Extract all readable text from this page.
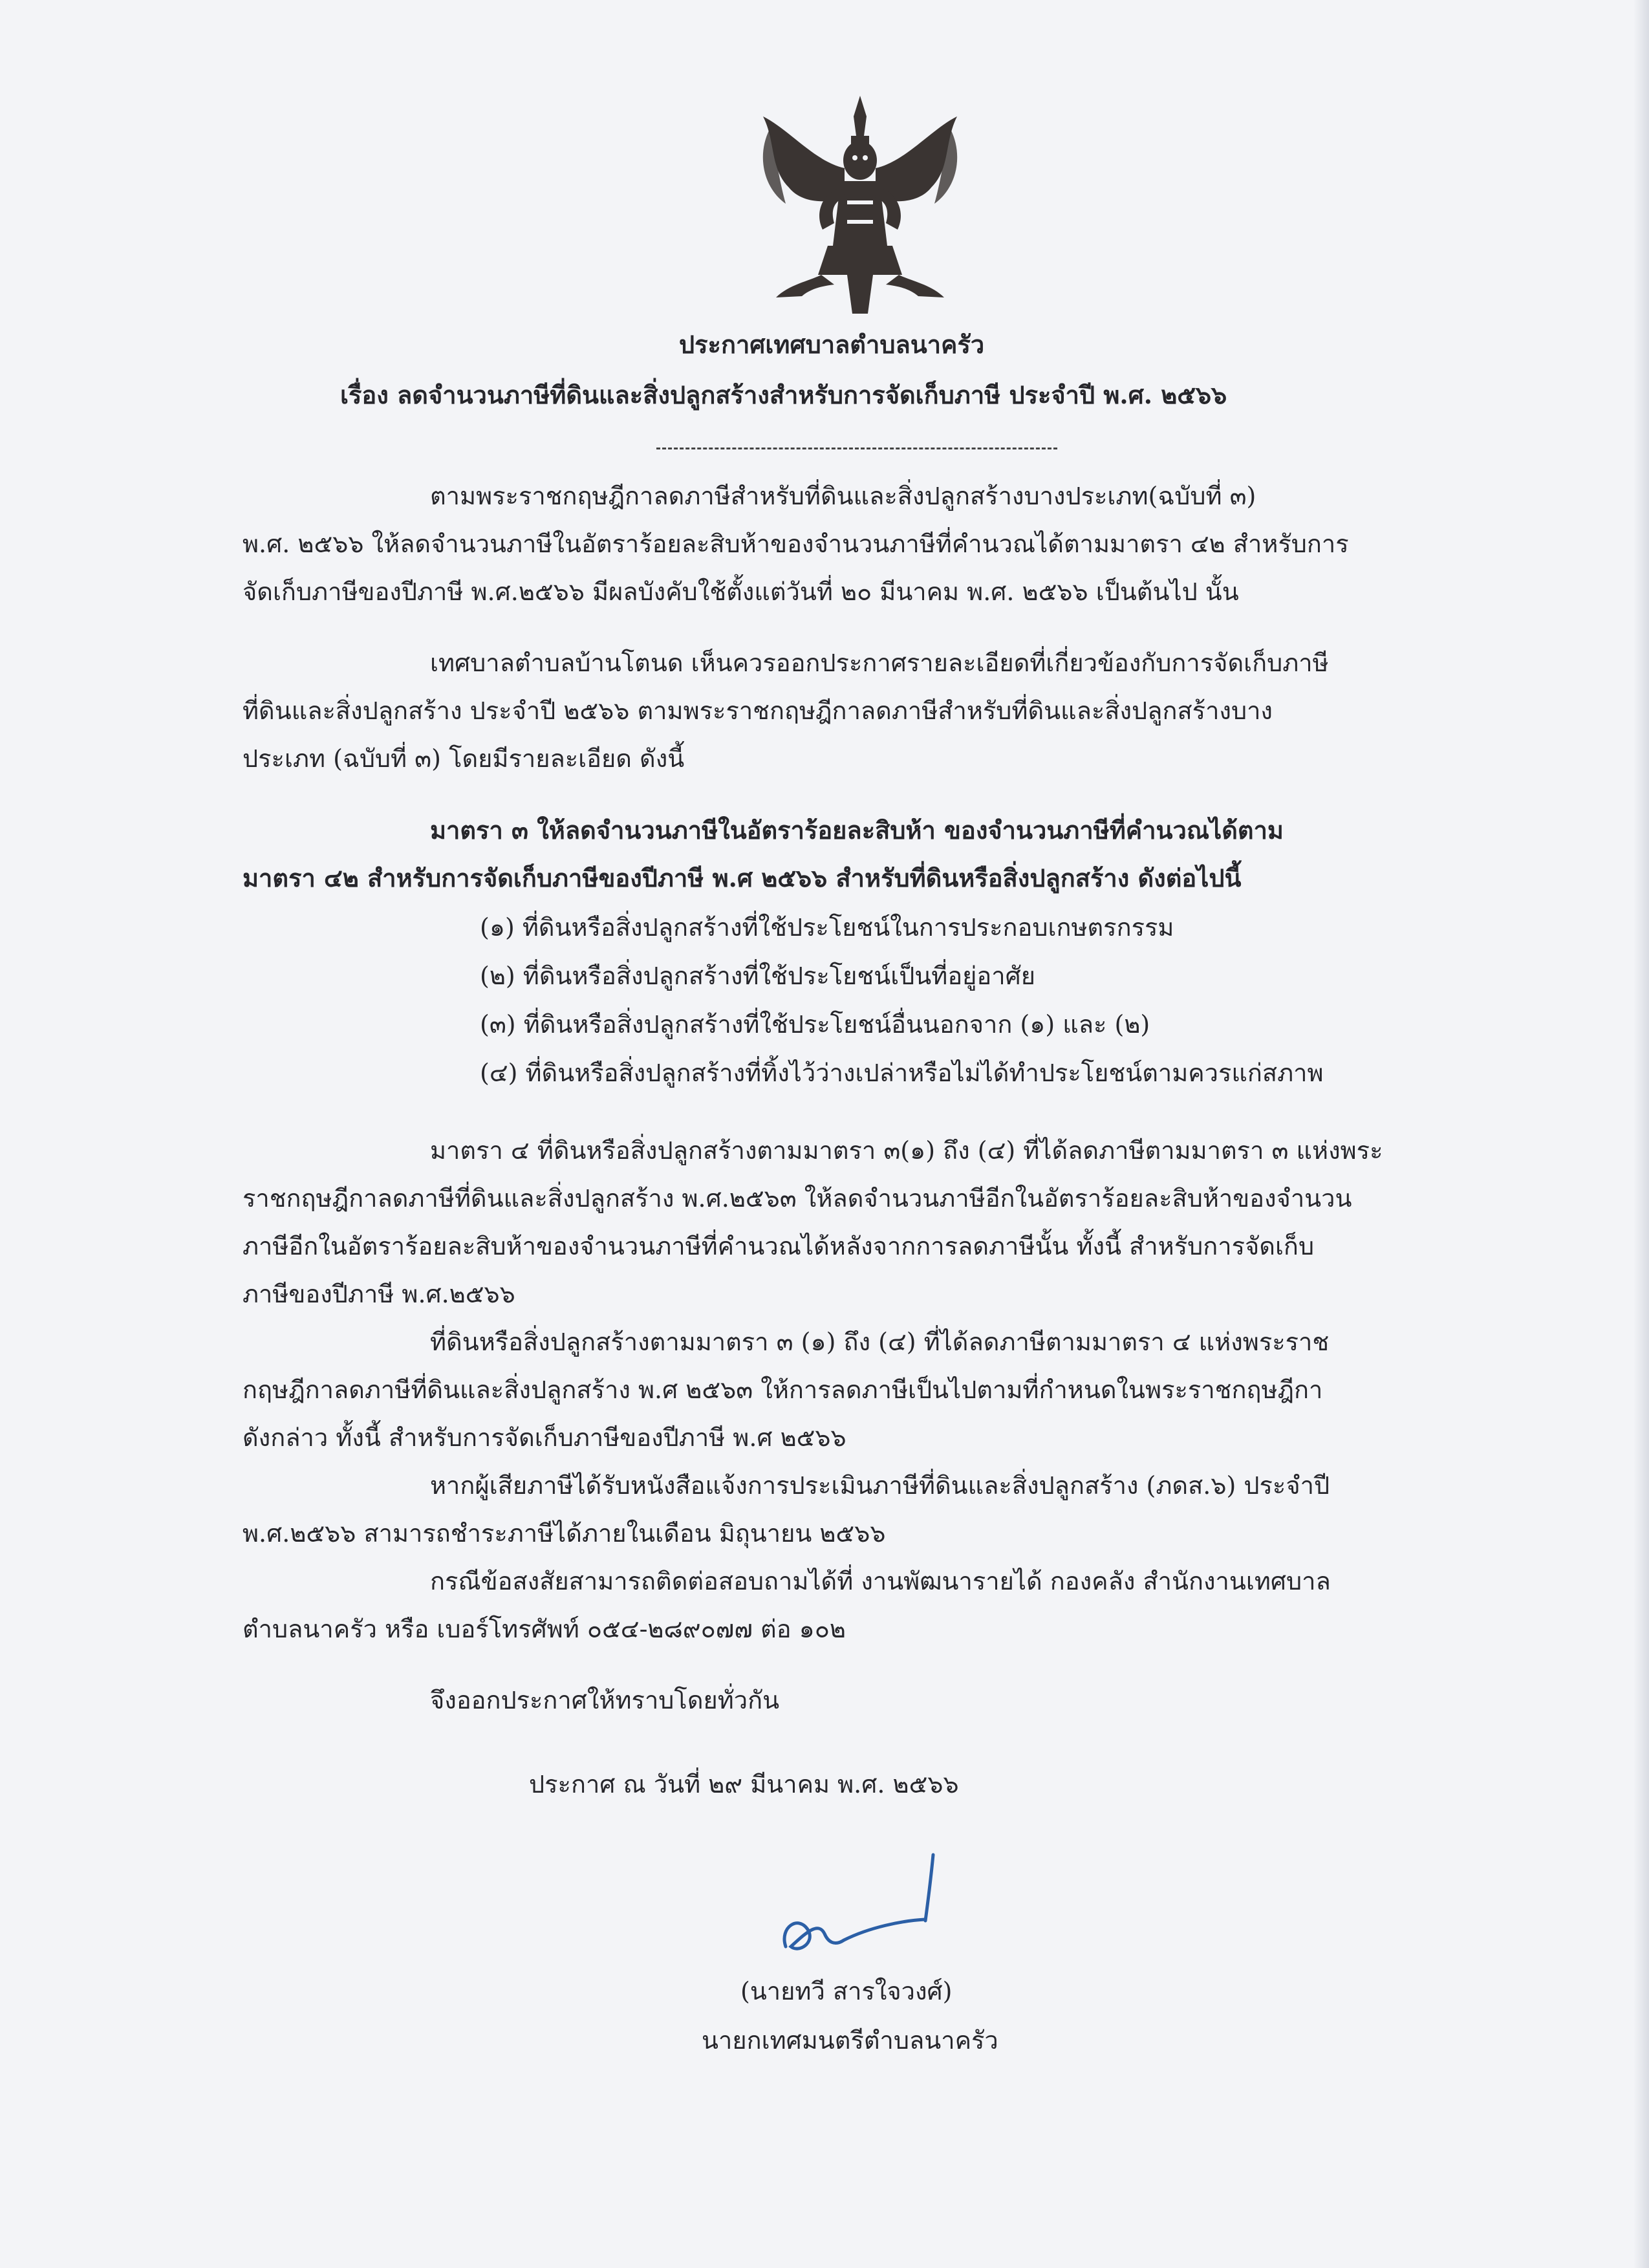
ประกาศเทศบาลตำบลนาครัว
เรื่อง ลดจำนวนภาษีที่ดินและสิ่งปลูกสร้างสำหรับการจัดเก็บภาษี ประจำปี พ.ศ. ๒๕๖๖
ตามพระราชกฤษฎีกาลดภาษีสำหรับที่ดินและสิ่งปลูกสร้างบางประเภท(ฉบับที่ ๓)
พ.ศ. ๒๕๖๖ ให้ลดจำนวนภาษีในอัตราร้อยละสิบห้าของจำนวนภาษีที่คำนวณได้ตามมาตรา ๔๒ สำหรับการ
จัดเก็บภาษีของปีภาษี พ.ศ.๒๕๖๖ มีผลบังคับใช้ตั้งแต่วันที่ ๒๐ มีนาคม พ.ศ. ๒๕๖๖ เป็นต้นไป นั้น
เทศบาลตำบลบ้านโตนด เห็นควรออกประกาศรายละเอียดที่เกี่ยวข้องกับการจัดเก็บภาษี
ที่ดินและสิ่งปลูกสร้าง ประจำปี ๒๕๖๖ ตามพระราชกฤษฎีกาลดภาษีสำหรับที่ดินและสิ่งปลูกสร้างบาง
ประเภท (ฉบับที่ ๓) โดยมีรายละเอียด ดังนี้
มาตรา ๓ ให้ลดจำนวนภาษีในอัตราร้อยละสิบห้า ของจำนวนภาษีที่คำนวณได้ตาม
มาตรา ๔๒ สำหรับการจัดเก็บภาษีของปีภาษี พ.ศ ๒๕๖๖ สำหรับที่ดินหรือสิ่งปลูกสร้าง ดังต่อไปนี้
(๑) ที่ดินหรือสิ่งปลูกสร้างที่ใช้ประโยชน์ในการประกอบเกษตรกรรม
(๒) ที่ดินหรือสิ่งปลูกสร้างที่ใช้ประโยชน์เป็นที่อยู่อาศัย
(๓) ที่ดินหรือสิ่งปลูกสร้างที่ใช้ประโยชน์อื่นนอกจาก (๑) และ (๒)
(๔) ที่ดินหรือสิ่งปลูกสร้างที่ทิ้งไว้ว่างเปล่าหรือไม่ได้ทำประโยชน์ตามควรแก่สภาพ
มาตรา ๔ ที่ดินหรือสิ่งปลูกสร้างตามมาตรา ๓(๑) ถึง (๔) ที่ได้ลดภาษีตามมาตรา ๓ แห่งพระ
ราชกฤษฎีกาลดภาษีที่ดินและสิ่งปลูกสร้าง พ.ศ.๒๕๖๓ ให้ลดจำนวนภาษีอีกในอัตราร้อยละสิบห้าของจำนวน
ภาษีอีกในอัตราร้อยละสิบห้าของจำนวนภาษีที่คำนวณได้หลังจากการลดภาษีนั้น ทั้งนี้ สำหรับการจัดเก็บ
ภาษีของปีภาษี พ.ศ.๒๕๖๖
ที่ดินหรือสิ่งปลูกสร้างตามมาตรา ๓ (๑) ถึง (๔) ที่ได้ลดภาษีตามมาตรา ๔ แห่งพระราช
กฤษฎีกาลดภาษีที่ดินและสิ่งปลูกสร้าง พ.ศ ๒๕๖๓ ให้การลดภาษีเป็นไปตามที่กำหนดในพระราชกฤษฎีกา
ดังกล่าว ทั้งนี้ สำหรับการจัดเก็บภาษีของปีภาษี พ.ศ ๒๕๖๖
หากผู้เสียภาษีได้รับหนังสือแจ้งการประเมินภาษีที่ดินและสิ่งปลูกสร้าง (ภดส.๖) ประจำปี
พ.ศ.๒๕๖๖ สามารถชำระภาษีได้ภายในเดือน มิถุนายน ๒๕๖๖
กรณีข้อสงสัยสามารถติดต่อสอบถามได้ที่ งานพัฒนารายได้ กองคลัง สำนักงานเทศบาล
ตำบลนาครัว หรือ เบอร์โทรศัพท์ ๐๕๔-๒๘๙๐๗๗ ต่อ ๑๐๒
จึงออกประกาศให้ทราบโดยทั่วกัน
ประกาศ ณ วันที่ ๒๙ มีนาคม พ.ศ. ๒๕๖๖
(นายทวี สารใจวงศ์)
นายกเทศมนตรีตำบลนาครัว
